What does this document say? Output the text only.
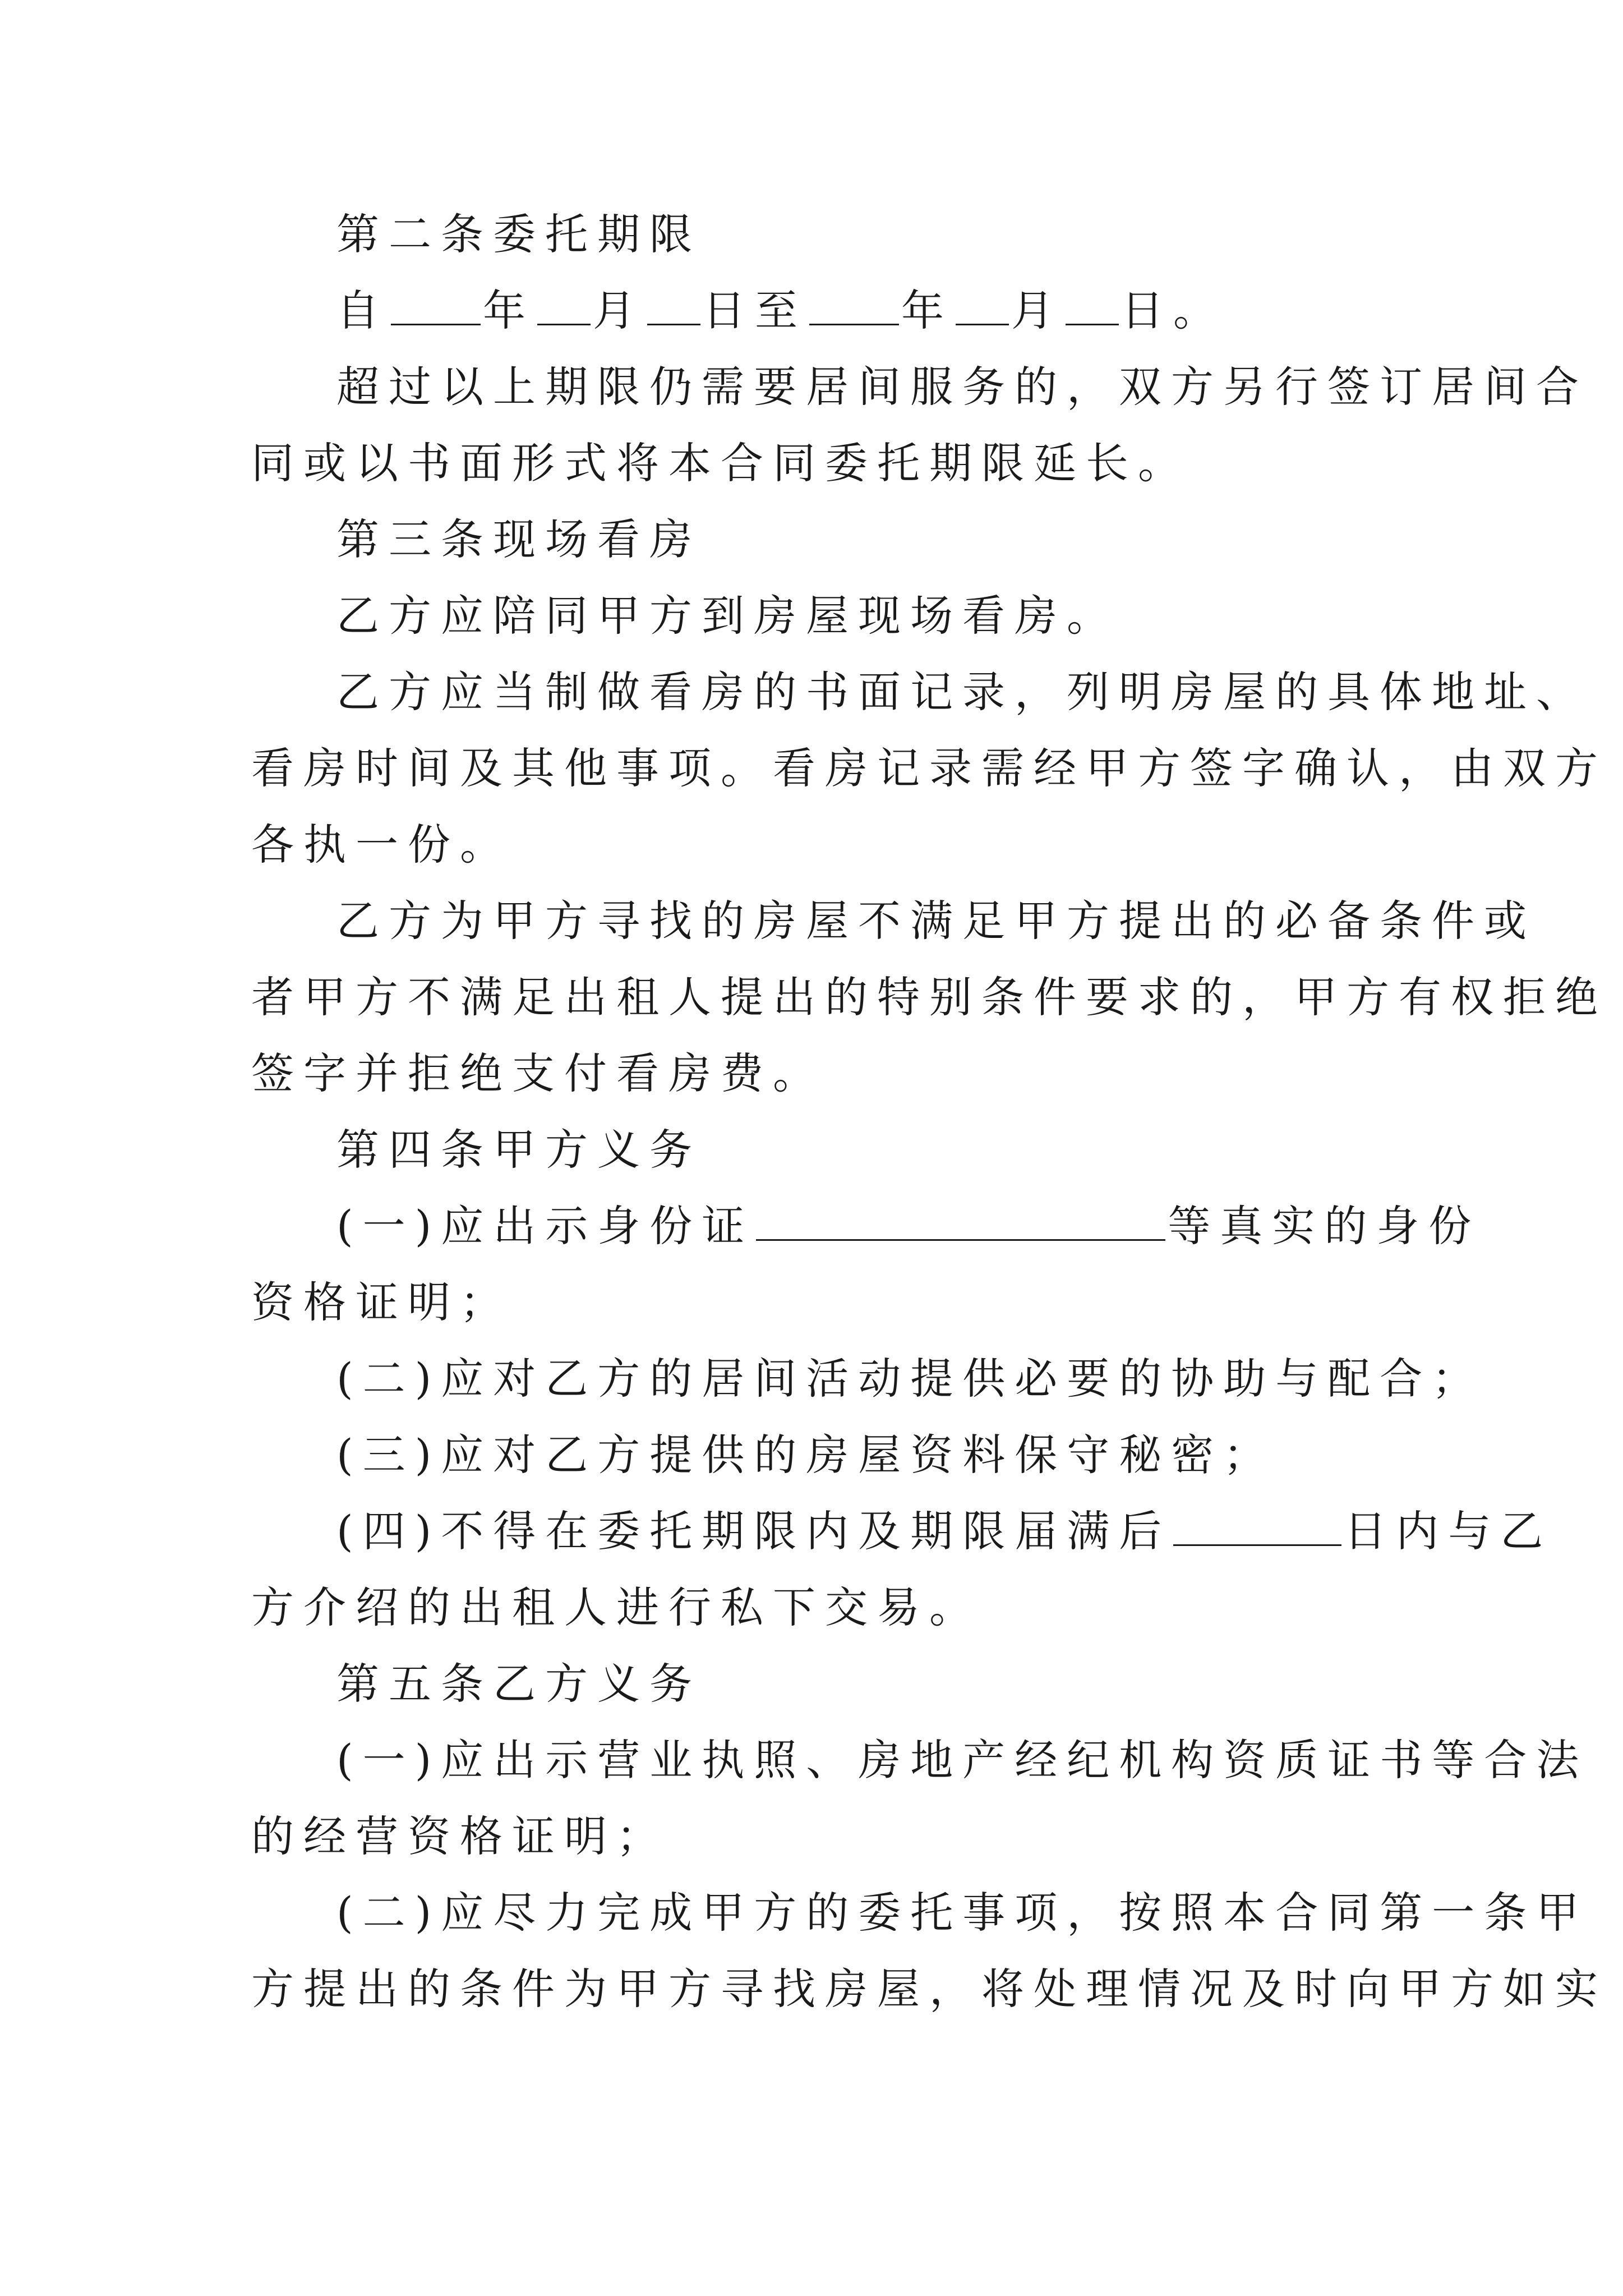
第二条委托期限
自 年 月 日至 年 月 日。
超过以上期限仍需要居间服务的，双方另行签订居间合
同或以书面形式将本合同委托期限延长。
第三条现场看房
乙方应陪同甲方到房屋现场看房。
乙方应当制做看房的书面记录，列明房屋的具体地址、
看房时间及其他事项。看房记录需经甲方签字确认，由双方
各执一份。
乙方为甲方寻找的房屋不满足甲方提出的必备条件或
者甲方不满足出租人提出的特别条件要求的，甲方有权拒绝
签字并拒绝支付看房费。
第四条甲方义务
(一)应出示身份证	等真实的身份
资格证明；
(二)应对乙方的居间活动提供必要的协助与配合；
(三)应对乙方提供的房屋资料保守秘密；
(四)不得在委托期限内及期限届满后	日内与乙
方介绍的出租人进行私下交易。
第五条乙方义务
(一)应出示营业执照、房地产经纪机构资质证书等合法
的经营资格证明；
(二)应尽力完成甲方的委托事项，按照本合同第一条甲
方提出的条件为甲方寻找房屋，将处理情况及时向甲方如实
